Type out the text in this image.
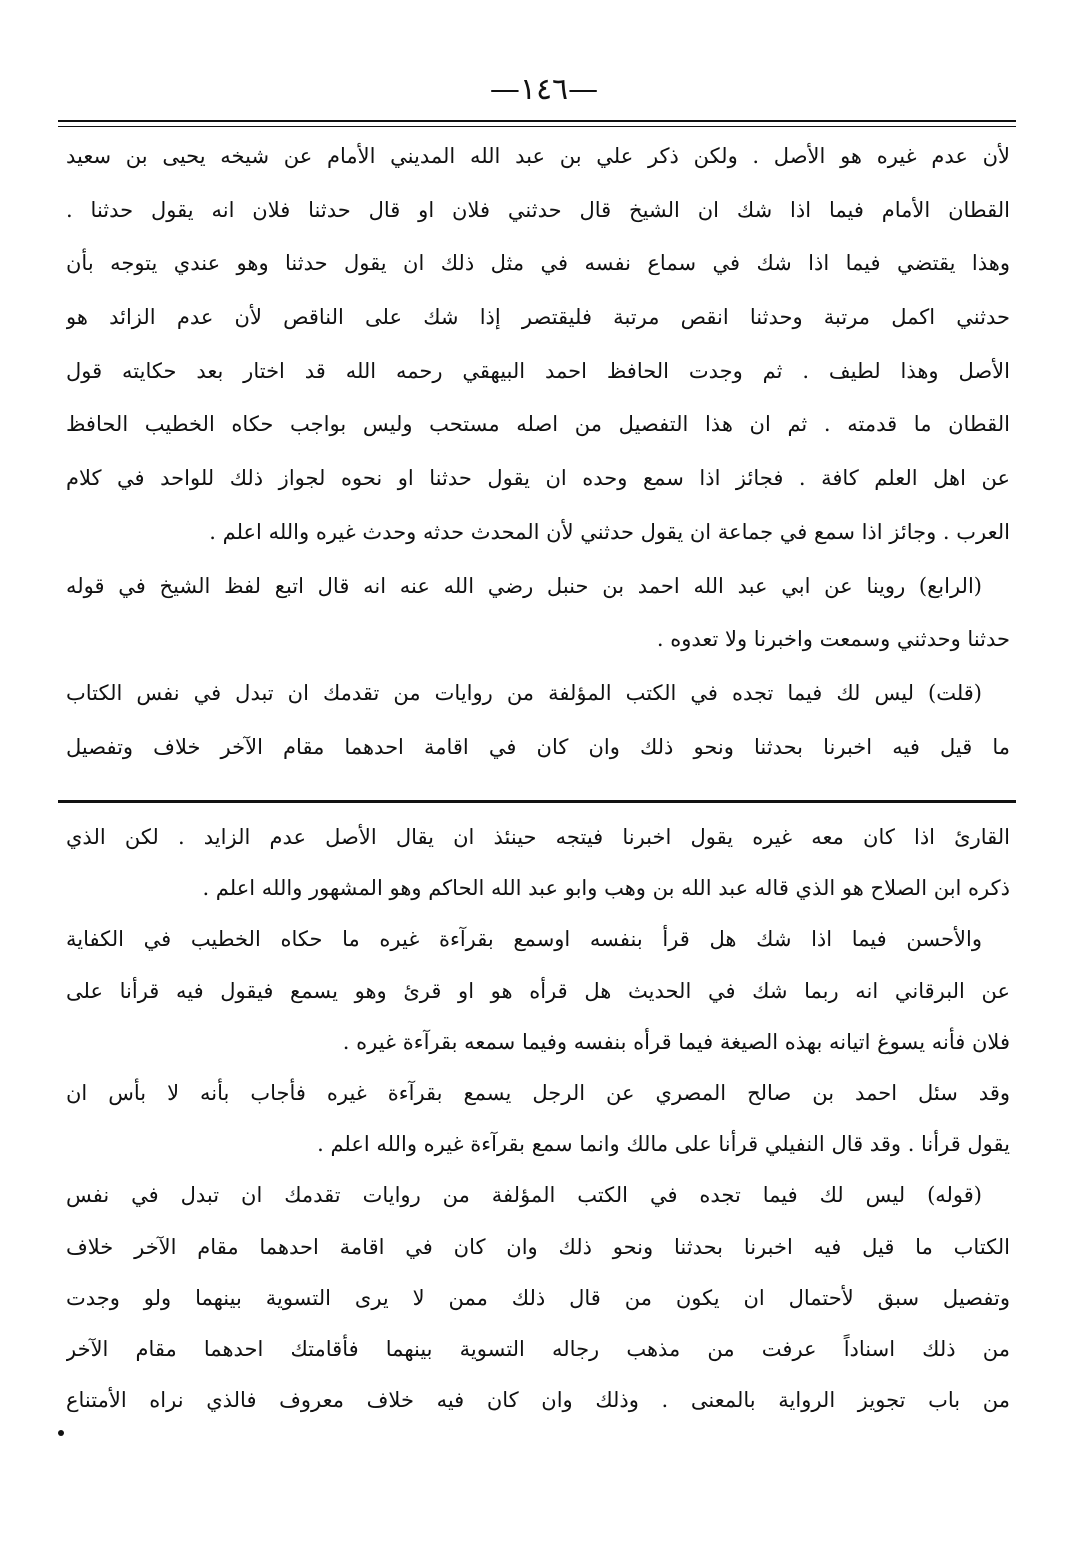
—١٤٦—
لأن عدم غيره هو الأصل . ولكن ذكر علي بن عبد الله المديني الأمام عن شيخه يحيى بن سعيد
القطان الأمام فيما اذا شك ان الشيخ قال حدثني فلان او قال حدثنا فلان انه يقول حدثنا .
وهذا يقتضي فيما اذا شك في سماع نفسه في مثل ذلك ان يقول حدثنا وهو عندي يتوجه بأن
حدثني اكمل مرتبة وحدثنا انقص مرتبة فليقتصر إذا شك على الناقص لأن عدم الزائد هو
الأصل وهذا لطيف . ثم وجدت الحافظ احمد البيهقي رحمه الله قد اختار بعد حكايته قول
القطان ما قدمته . ثم ان هذا التفصيل من اصله مستحب وليس بواجب حكاه الخطيب الحافظ
عن اهل العلم كافة . فجائز اذا سمع وحده ان يقول حدثنا او نحوه لجواز ذلك للواحد في كلام
العرب . وجائز اذا سمع في جماعة ان يقول حدثني لأن المحدث حدثه وحدث غيره والله اعلم .
(الرابع) روينا عن ابي عبد الله احمد بن حنبل رضي الله عنه انه قال اتبع لفظ الشيخ في قوله
حدثنا وحدثني وسمعت واخبرنا ولا تعدوه .
(قلت) ليس لك فيما تجده في الكتب المؤلفة من روايات من تقدمك ان تبدل في نفس الكتاب
ما قيل فيه اخبرنا بحدثنا ونحو ذلك وان كان في اقامة احدهما مقام الآخر خلاف وتفصيل
القارئ اذا كان معه غيره يقول اخبرنا فيتجه حينئذ ان يقال الأصل عدم الزايد . لكن الذي
ذكره ابن الصلاح هو الذي قاله عبد الله بن وهب وابو عبد الله الحاكم وهو المشهور والله اعلم .
والأحسن فيما اذا شك هل قرأ بنفسه اوسمع بقرآءة غيره ما حكاه الخطيب في الكفاية
عن البرقاني انه ربما شك في الحديث هل قرأه هو او قرئ وهو يسمع فيقول فيه قرأنا على
فلان فأنه يسوغ اتيانه بهذه الصيغة فيما قرأه بنفسه وفيما سمعه بقرآءة غيره .
وقد سئل احمد بن صالح المصري عن الرجل يسمع بقرآءة غيره فأجاب بأنه لا بأس ان
يقول قرأنا . وقد قال النفيلي قرأنا على مالك وانما سمع بقرآءة غيره والله اعلم .
(قوله) ليس لك فيما تجده في الكتب المؤلفة من روايات تقدمك ان تبدل في نفس
الكتاب ما قيل فيه اخبرنا بحدثنا ونحو ذلك وان كان في اقامة احدهما مقام الآخر خلاف
وتفصيل سبق لأحتمال ان يكون من قال ذلك ممن لا يرى التسوية بينهما ولو وجدت
من ذلك اسناداً عرفت من مذهب رجاله التسوية بينهما فأقامتك احدهما مقام الآخر
من باب تجويز الرواية بالمعنى . وذلك وان كان فيه خلاف معروف فالذي نراه الأمتناع
